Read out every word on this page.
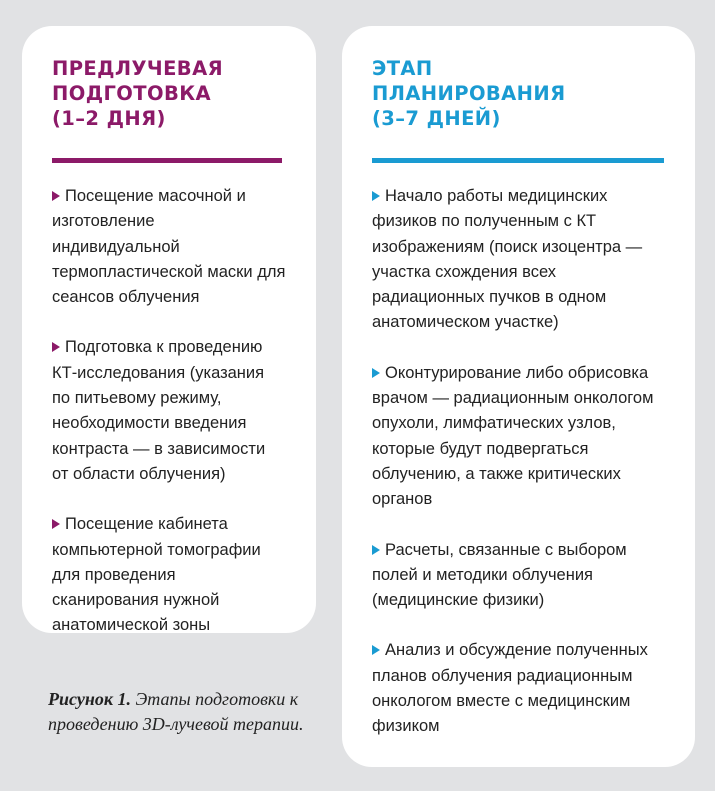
ПРЕДЛУЧЕВАЯ
ПОДГОТОВКА
(1–2 ДНЯ)
Посещение масочной и изготовление индивидуальной термопластической маски для сеансов облучения
Подготовка к проведению КТ-исследования (указания по питьевому режиму, необходимости введения контраста — в зависимости от области облучения)
Посещение кабинета компьютерной томографии для проведения сканирования нужной анатомической зоны
ЭТАП
ПЛАНИРОВАНИЯ
(3–7 ДНЕЙ)
Начало работы медицинских физиков по полученным с КТ изображениям (поиск изоцентра — участка схождения всех радиационных пучков в одном анатомическом участке)
Оконтурирование либо обрисовка врачом — радиационным онкологом опухоли, лимфатических узлов, которые будут подвергаться облучению, а также критических органов
Расчеты, связанные с выбором полей и методики облучения (медицинские физики)
Анализ и обсуждение полученных планов облучения радиационным онкологом вместе с медицинским физиком
Рисунок 1. Этапы подготовки к проведению 3D-лучевой терапии.
